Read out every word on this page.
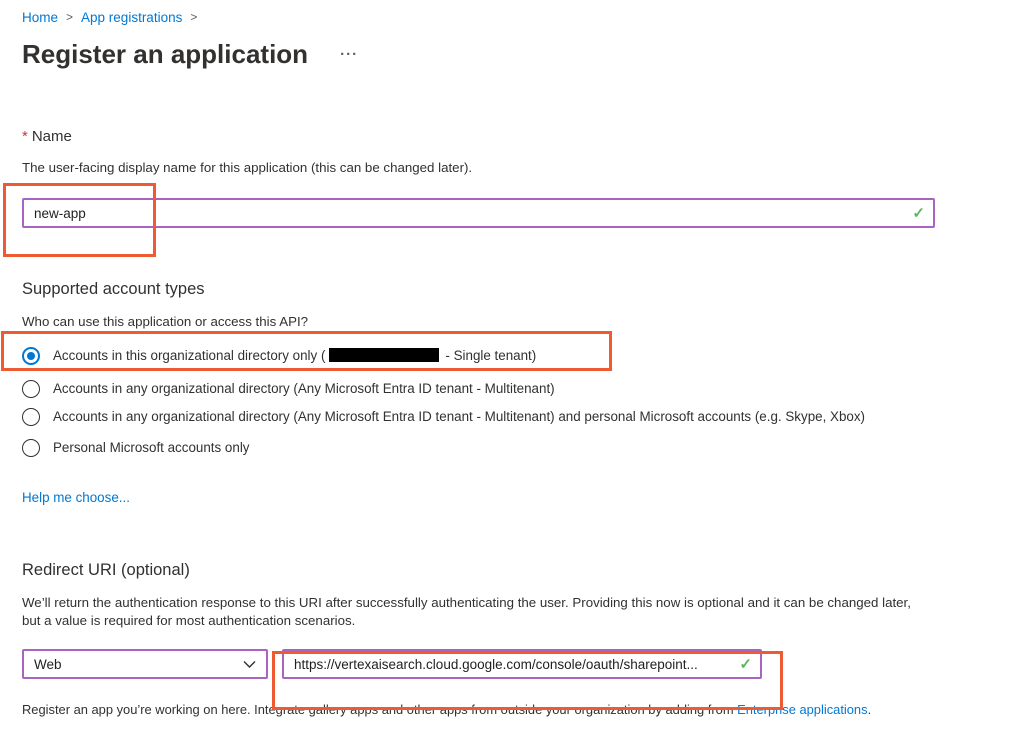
Home > App registrations >
Register an application ···
* Name
The user-facing display name for this application (this can be changed later).
new-app
✓
Supported account types
Who can use this application or access this API?
Accounts in this organizational directory only (	- Single tenant)
Accounts in any organizational directory (Any Microsoft Entra ID tenant - Multitenant)
Accounts in any organizational directory (Any Microsoft Entra ID tenant - Multitenant) and personal Microsoft accounts (e.g. Skype, Xbox)
Personal Microsoft accounts only
Help me choose...
Redirect URI (optional)
We’ll return the authentication response to this URI after successfully authenticating the user. Providing this now is optional and it can be changed later, but a value is required for most authentication scenarios.
Web
https://vertexaisearch.cloud.google.com/console/oauth/sharepoint...	✓
Register an app you’re working on here. Integrate gallery apps and other apps from outside your organization by adding from Enterprise applications.
